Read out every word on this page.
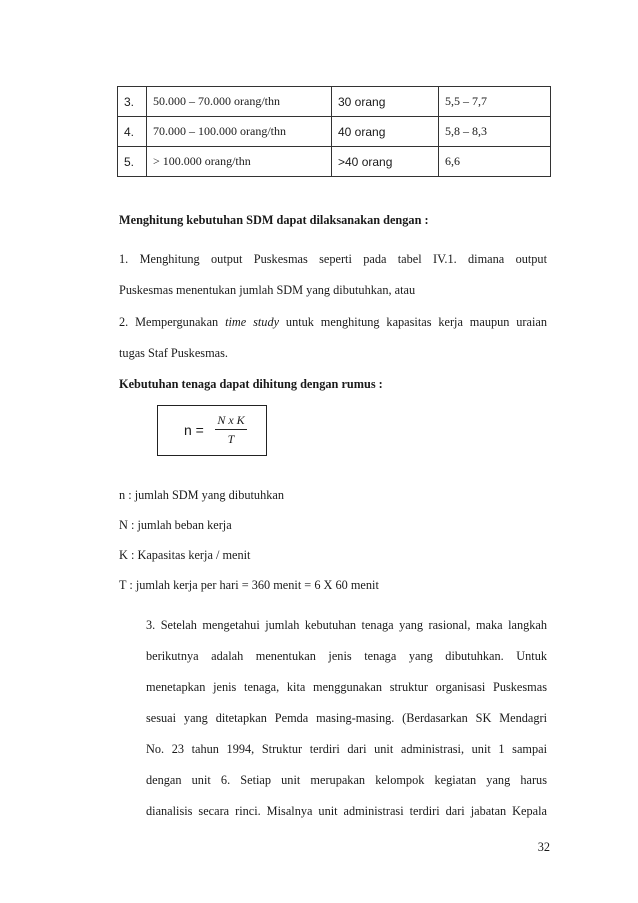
3.	50.000 – 70.000 orang/thn	30 orang	5,5 – 7,7
4.	70.000 – 100.000 orang/thn	40 orang	5,8 – 8,3
5.	> 100.000 orang/thn	>40 orang	6,6
Menghitung kebutuhan SDM dapat dilaksanakan dengan :
1. Menghitung output Puskesmas seperti pada tabel IV.1. dimana output
Puskesmas menentukan jumlah SDM yang dibutuhkan, atau
2. Mempergunakan time study untuk menghitung kapasitas kerja maupun uraian
tugas Staf Puskesmas.
Kebutuhan tenaga dapat dihitung dengan rumus :
n =
N x K
T
n : jumlah SDM yang dibutuhkan
N : jumlah beban kerja
K : Kapasitas kerja / menit
T : jumlah kerja per hari = 360 menit = 6 X 60 menit
3. Setelah mengetahui jumlah kebutuhan tenaga yang rasional, maka langkah
berikutnya adalah menentukan jenis tenaga yang dibutuhkan. Untuk
menetapkan jenis tenaga, kita menggunakan struktur organisasi Puskesmas
sesuai yang ditetapkan Pemda masing-masing. (Berdasarkan SK Mendagri
No. 23 tahun 1994, Struktur terdiri dari unit administrasi, unit 1 sampai
dengan unit 6. Setiap unit merupakan kelompok kegiatan yang harus
dianalisis secara rinci. Misalnya unit administrasi terdiri dari jabatan Kepala
32
